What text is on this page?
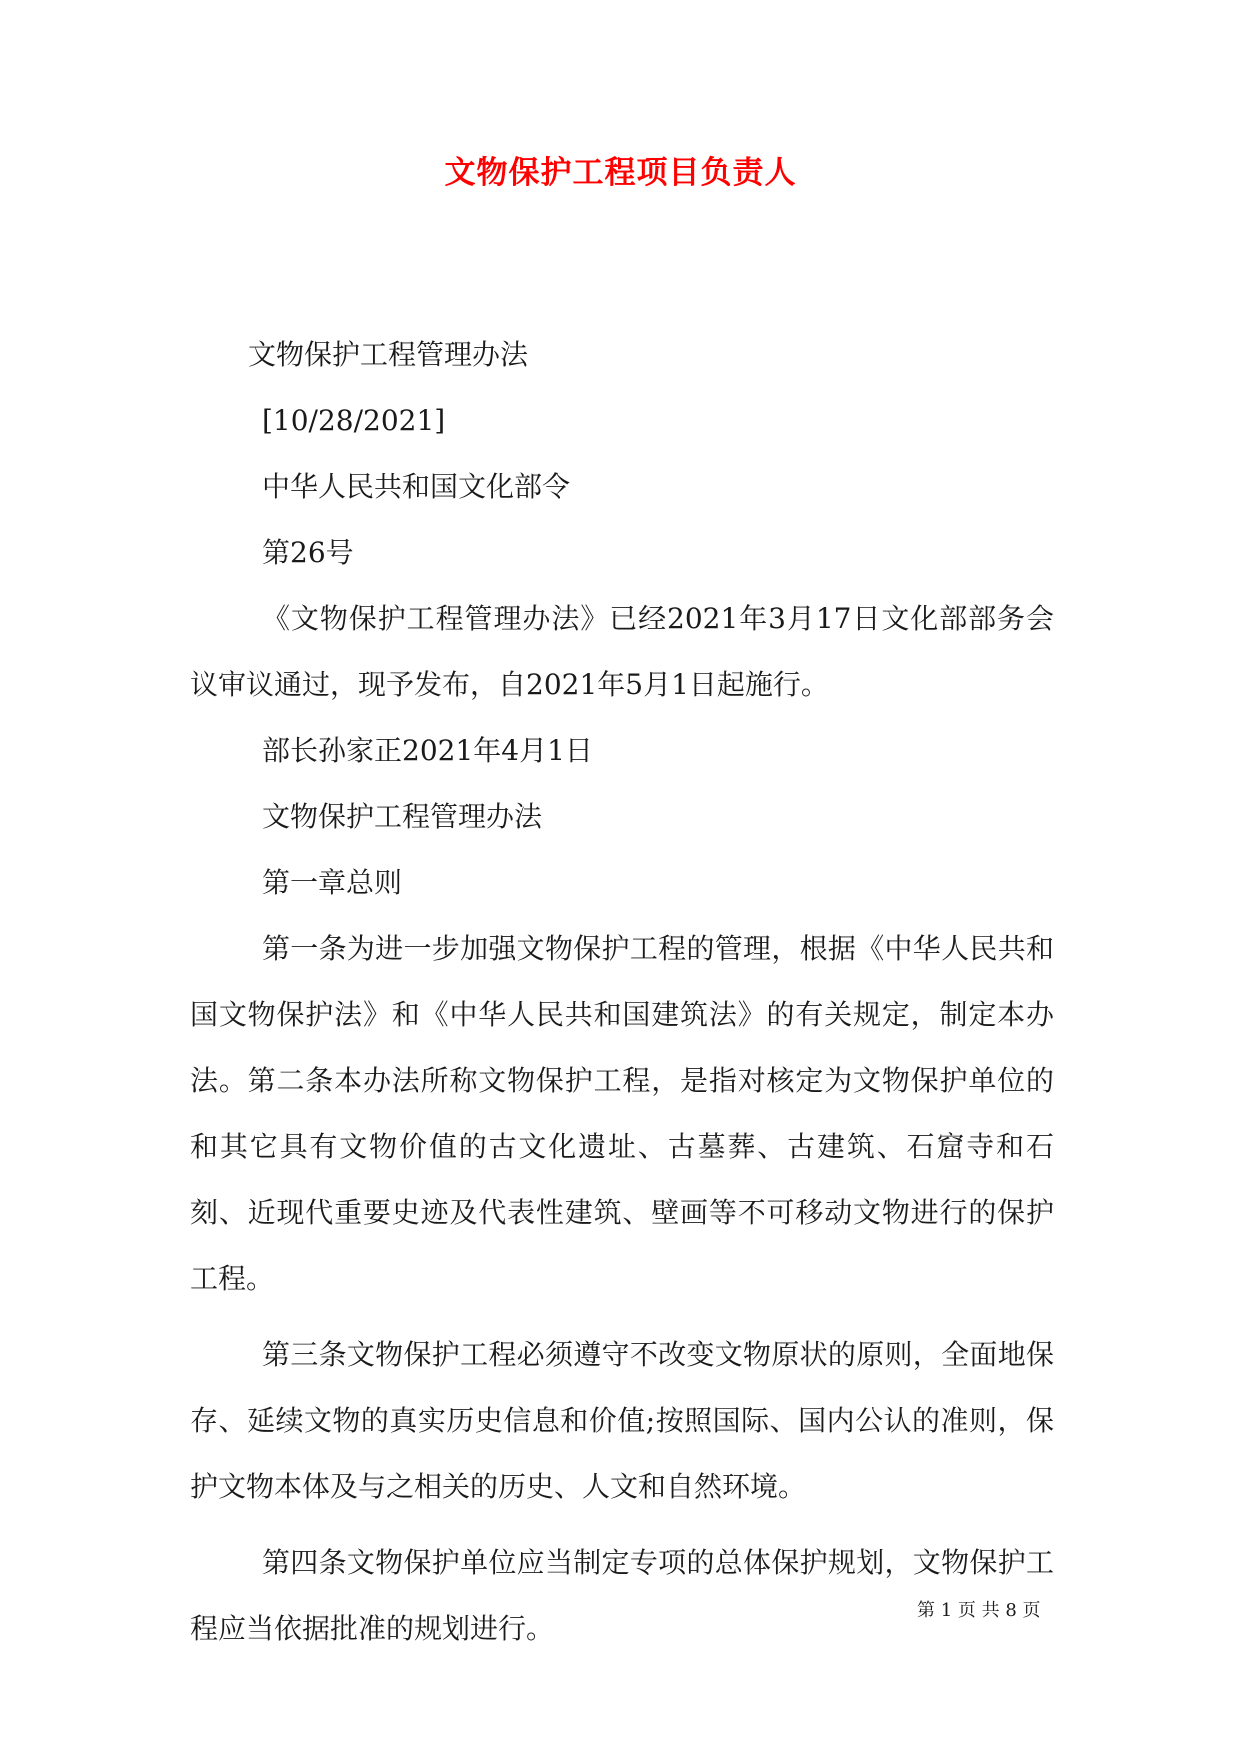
文物保护工程项目负责人

文物保护工程管理办法

[10/28/2021]

中华人民共和国文化部令

第26号

《文物保护工程管理办法》已经2021年3月17日文化部部务会议审议通过，现予发布，自2021年5月1日起施行。

部长孙家正2021年4月1日

文物保护工程管理办法

第一章总则

第一条为进一步加强文物保护工程的管理，根据《中华人民共和国文物保护法》和《中华人民共和国建筑法》的有关规定，制定本办法。第二条本办法所称文物保护工程，是指对核定为文物保护单位的和其它具有文物价值的古文化遗址、古墓葬、古建筑、石窟寺和石刻、近现代重要史迹及代表性建筑、壁画等不可移动文物进行的保护工程。

第三条文物保护工程必须遵守不改变文物原状的原则，全面地保存、延续文物的真实历史信息和价值;按照国际、国内公认的准则，保护文物本体及与之相关的历史、人文和自然环境。

第四条文物保护单位应当制定专项的总体保护规划，文物保护工程应当依据批准的规划进行。

第 1 页 共 8 页
